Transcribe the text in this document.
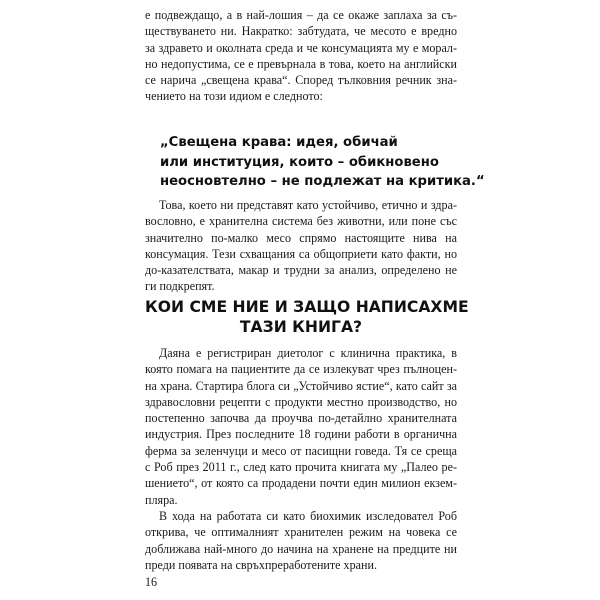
е подвеждащо, а в най-лошия – да се окаже заплаха за съ-
ществуването ни. Накратко: забтудата, че месото е вредно
за здравето и околната среда и че консумацията му е морал-
но недопустима, се е превърнала в това, което на английски
се нарича „свещена крава“. Според тълковния речник зна-
чението на този идиом е следното:
„Свещена крава: идея, обичай
или институция, които – обикновено
неосновтелно – не подлежат на критика.“

Това, което ни представят като устойчиво, етично и здра-вословно, е хранителна система без животни, или поне със значително по-малко месо спрямо настоящите нива на консумация. Тези схващания са общоприети като факти, но до-казателствата, макар и трудни за анализ, определено не ги подкрепят.

КОИ СМЕ НИЕ И ЗАЩО НАПИСАХМЕ
ТАЗИ КНИГА?

Даяна е регистриран диетолог с клинична практика, в която помага на пациентите да се излекуват чрез пълноцен-на храна. Стартира блога си „Устойчиво ястие“, като сайт за здравословни рецепти с продукти местно производство, но постепенно започва да проучва по-детайлно хранителната индустрия. През последните 18 години работи в органична ферма за зеленчуци и месо от пасищни говеда. Тя се среща с Роб през 2011 г., след като прочита книгата му „Палео ре-шението“, от която са продадени почти един милион екзем-пляра.

В хода на работата си като биохимик изследовател Роб открива, че оптималният хранителен режим на човека се доближава най-много до начина на хранене на предците ни преди появата на свръхпреработените храни.

16
